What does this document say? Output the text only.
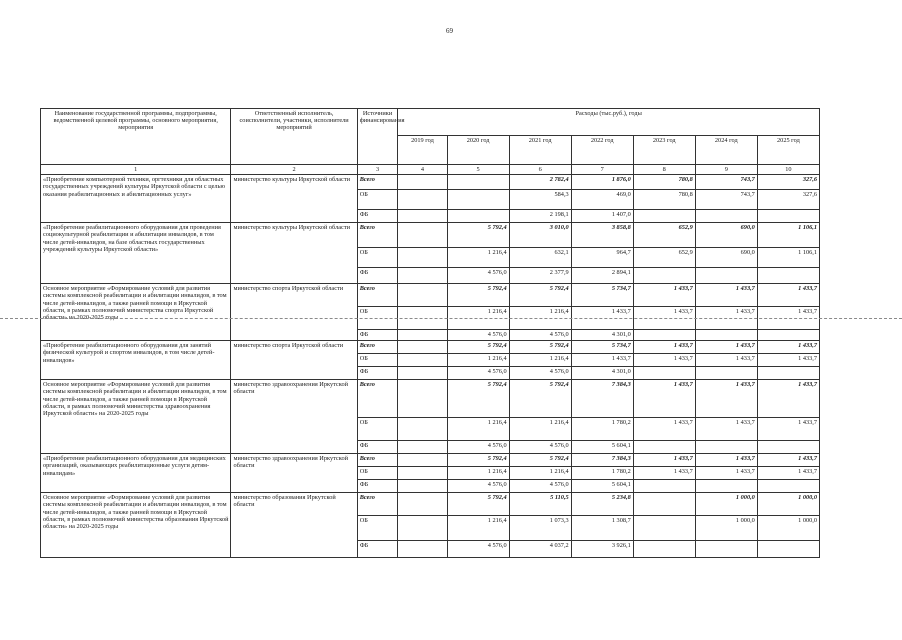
69
Наименование государственной программы, подпрограммы, ведомственной целевой программы, основного мероприятия, мероприятия	Ответственный исполнитель, соисполнители, участники, исполнители мероприятий	Источники финансирования	Расходы (тыс.руб.), годы						
			2019 год	2020 год	2021 год	2022 год	2023 год	2024 год	2025 год
1	2	3	4	5	6	7	8	9	10
«Приобретение компьютерной техники, оргтехники для областных государственных учреждений культуры Иркутской области с целью оказания реабилитационных и абилитационных услуг»	министерство культуры Иркутской области	Всего			2 782,4	1 876,0	780,8	743,7	327,6
		ОБ			584,3	469,0	780,8	743,7	327,6
		ФБ			2 198,1	1 407,0			
«Приобретение реабилитационного оборудования для проведения социокультурной реабилитации и абилитации инвалидов, в том числе детей-инвалидов, на базе областных государственных учреждений культуры Иркутской области»	министерство культуры Иркутской области	Всего		5 792,4	3 010,0	3 858,8	652,9	690,0	1 106,1
		ОБ		1 216,4	632,1	964,7	652,9	690,0	1 106,1
		ФБ		4 576,0	2 377,9	2 894,1			
Основное мероприятие «Формирование условий для развития системы комплексной реабилитации и абилитации инвалидов, в том числе детей-инвалидов, а также ранней помощи в Иркутской области, в рамках полномочий министерства спорта Иркутской области» на 2020-2025 годы	министерство спорта Иркутской области	Всего		5 792,4	5 792,4	5 734,7	1 433,7	1 433,7	1 433,7
		ОБ		1 216,4	1 216,4	1 433,7	1 433,7	1 433,7	1 433,7
		ФБ		4 576,0	4 576,0	4 301,0			
«Приобретение реабилитационного оборудования для занятий физической культурой и спортом инвалидов, в том числе детей-инвалидов»	министерство спорта Иркутской области	Всего		5 792,4	5 792,4	5 734,7	1 433,7	1 433,7	1 433,7
		ОБ		1 216,4	1 216,4	1 433,7	1 433,7	1 433,7	1 433,7
		ФБ		4 576,0	4 576,0	4 301,0			
Основное мероприятие «Формирование условий для развития системы комплексной реабилитации и абилитации инвалидов, в том числе детей-инвалидов, а также ранней помощи в Иркутской области, в рамках полномочий министерства здравоохранения Иркутской области» на 2020-2025 годы	министерство здравоохранения Иркутской области	Всего		5 792,4	5 792,4	7 384,3	1 433,7	1 433,7	1 433,7
		ОБ		1 216,4	1 216,4	1 780,2	1 433,7	1 433,7	1 433,7
		ФБ		4 576,0	4 576,0	5 604,1			
«Приобретение реабилитационного оборудования для медицинских организаций, оказывающих реабилитационные услуги детям-инвалидам»	министерство здравоохранения Иркутской области	Всего		5 792,4	5 792,4	7 384,3	1 433,7	1 433,7	1 433,7
		ОБ		1 216,4	1 216,4	1 780,2	1 433,7	1 433,7	1 433,7
		ФБ		4 576,0	4 576,0	5 604,1			
Основное мероприятие «Формирование условий для развития системы комплексной реабилитации и абилитации инвалидов, в том числе детей-инвалидов, а также ранней помощи в Иркутской области, в рамках полномочий министерства образования Иркутской области» на 2020-2025 годы	министерство образования Иркутской области	Всего		5 792,4	5 110,5	5 234,8		1 000,0	1 000,0
		ОБ		1 216,4	1 073,3	1 308,7		1 000,0	1 000,0
		ФБ		4 576,0	4 037,2	3 926,1			
